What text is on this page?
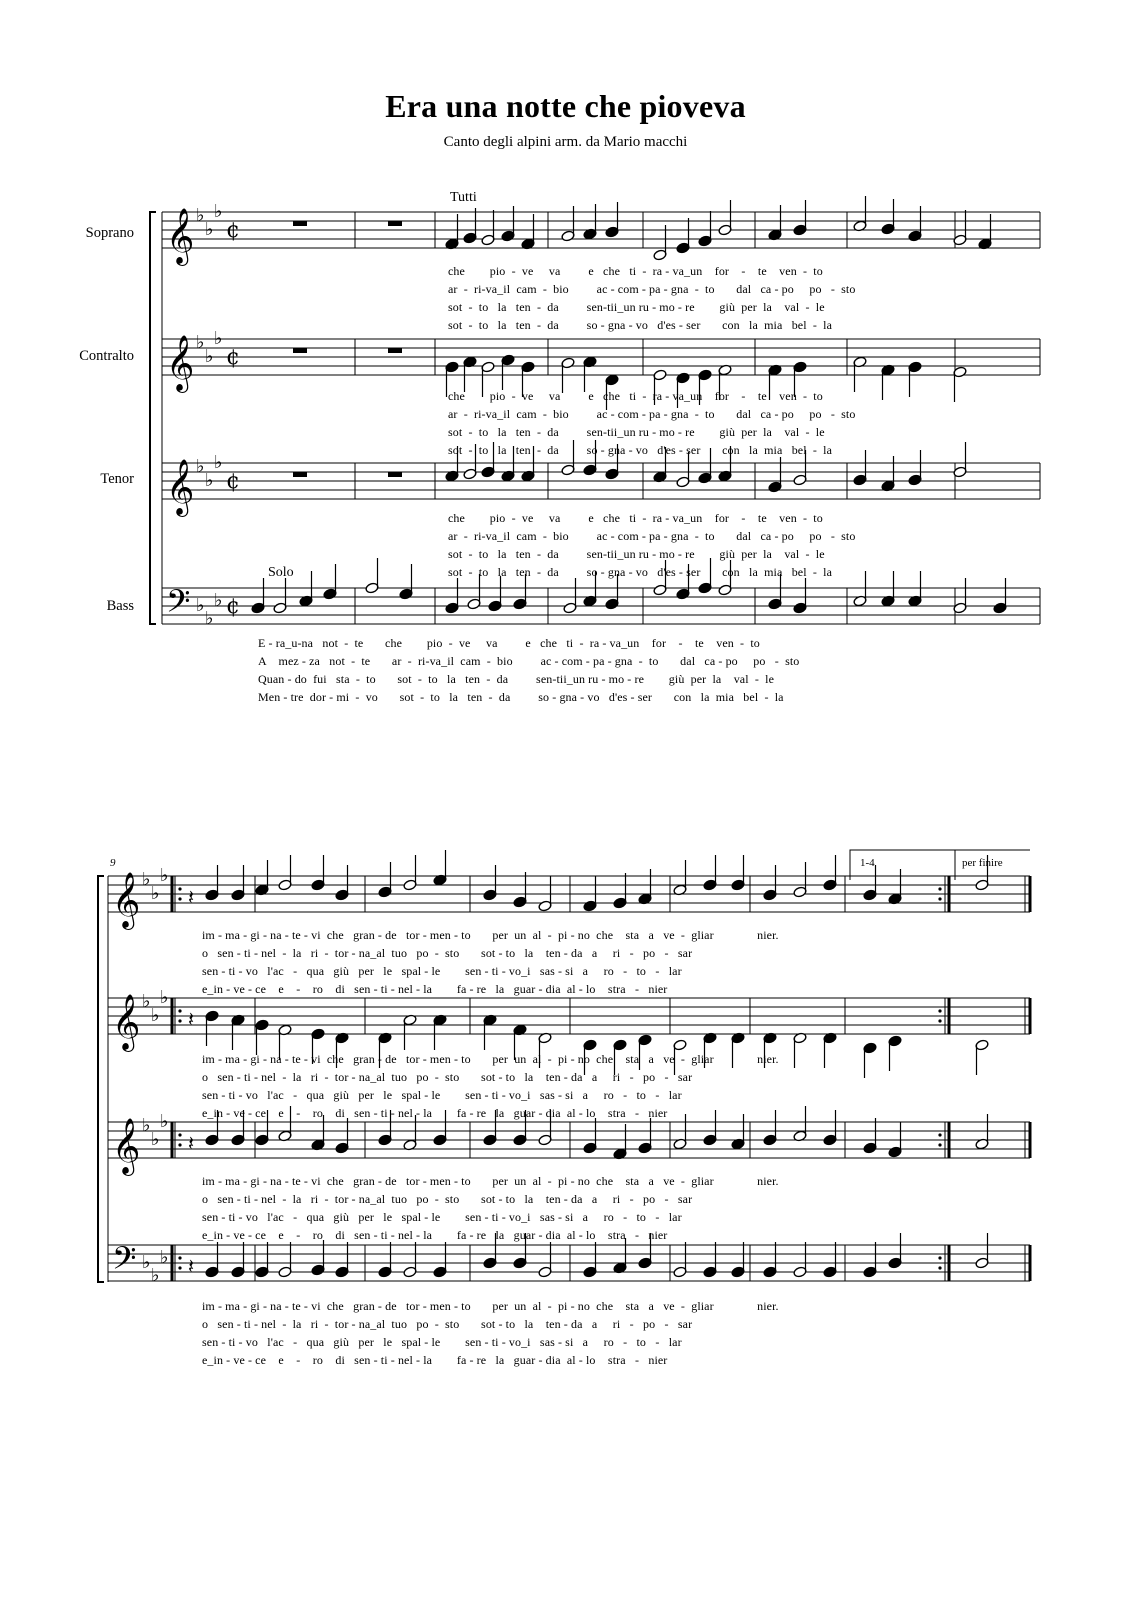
Era una notte che pioveva
Canto degli alpini arm. da Mario macchi
Soprano
Contralto
Tenor
Bass
Tutti
Solo
9	1-4	per finire
che        pio  -  ve     va         e   che   ti  -  ra - va_un    for    -    te    ven  -  to
ar  -  ri-va_il  cam  -  bio         ac - com - pa - gna  -  to       dal   ca - po     po   -  sto
sot  -  to   la   ten  -  da         sen-tii_un ru - mo - re        giù  per  la    val  -  le
sot  -  to   la   ten  -  da         so - gna - vo   d'es - ser       con   la  mia   bel  -  la
che        pio  -  ve     va         e   che   ti  -  ra - va_un    for    -    te    ven  -  to
ar  -  ri-va_il  cam  -  bio         ac - com - pa - gna  -  to       dal   ca - po     po   -  sto
sot  -  to   la   ten  -  da         sen-tii_un ru - mo - re        giù  per  la    val  -  le
sot  -  to   la   ten  -  da         so - gna - vo   d'es - ser       con   la  mia   bel  -  la
che        pio  -  ve     va         e   che   ti  -  ra - va_un    for    -    te    ven  -  to
ar  -  ri-va_il  cam  -  bio         ac - com - pa - gna  -  to       dal   ca - po     po   -  sto
sot  -  to   la   ten  -  da         sen-tii_un ru - mo - re        giù  per  la    val  -  le
sot  -  to   la   ten  -  da         so - gna - vo   d'es - ser       con   la  mia   bel  -  la
E - ra_u-na   not  -  te       che        pio  -  ve     va         e   che   ti  -  ra - va_un    for    -    te    ven  -  to
A    mez - za   not  -  te       ar  -  ri-va_il  cam  -  bio         ac - com - pa - gna  -  to       dal   ca - po     po   -  sto
Quan - do  fui   sta  -  to       sot  -  to   la   ten  -  da         sen-tii_un ru - mo - re        giù  per  la    val  -  le
Men - tre  dor - mi  -  vo       sot  -  to   la   ten  -  da         so - gna - vo   d'es - ser       con   la  mia   bel  -  la
im - ma - gi - na - te - vi  che   gran - de   tor - men - to       per  un  al  -  pi - no  che    sta   a   ve  -  gliar              nier.
o   sen - ti - nel  -  la   ri  -  tor - na_al  tuo   po  -  sto       sot - to   la    ten - da   a     ri   -   po   -   sar
sen - ti - vo   l'ac   -   qua   giù   per   le   spal - le        sen - ti - vo_i   sas - si   a     ro   -   to   -   lar
e_in - ve - ce    e    -    ro    di   sen - ti - nel - la        fa - re   la   guar - dia  al - lo    stra   -   nier
im - ma - gi - na - te - vi  che   gran - de   tor - men - to       per  un  al  -  pi - no  che    sta   a   ve  -  gliar              nier.
o   sen - ti - nel  -  la   ri  -  tor - na_al  tuo   po  -  sto       sot - to   la    ten - da   a     ri   -   po   -   sar
sen - ti - vo   l'ac   -   qua   giù   per   le   spal - le        sen - ti - vo_i   sas - si   a     ro   -   to   -   lar
e_in - ve - ce    e    -    ro    di   sen - ti - nel - la        fa - re   la   guar - dia  al - lo    stra   -   nier
im - ma - gi - na - te - vi  che   gran - de   tor - men - to       per  un  al  -  pi - no  che    sta   a   ve  -  gliar              nier.
o   sen - ti - nel  -  la   ri  -  tor - na_al  tuo   po  -  sto       sot - to   la    ten - da   a     ri   -   po   -   sar
sen - ti - vo   l'ac   -   qua   giù   per   le   spal - le        sen - ti - vo_i   sas - si   a     ro   -   to   -   lar
e_in - ve - ce    e    -    ro    di   sen - ti - nel - la        fa - re   la   guar - dia  al - lo    stra   -   nier
im - ma - gi - na - te - vi  che   gran - de   tor - men - to       per  un  al  -  pi - no  che    sta   a   ve  -  gliar              nier.
o   sen - ti - nel  -  la   ri  -  tor - na_al  tuo   po  -  sto       sot - to   la    ten - da   a     ri   -   po   -   sar
sen - ti - vo   l'ac   -   qua   giù   per   le   spal - le        sen - ti - vo_i   sas - si   a     ro   -   to   -   lar
e_in - ve - ce    e    -    ro    di   sen - ti - nel - la        fa - re   la   guar - dia  al - lo    stra   -   nier
𝄞 ♭
♭
♭
¢
𝄞 ♭
♭
♭
¢
𝄞 ♭
♭
♭
¢
𝄢 ♭
♭
♭ ¢
𝄞 ♭
♭
♭
𝄽
𝄞 ♭
♭
♭
𝄽
𝄞 ♭
♭
♭
𝄽
𝄢 ♭
♭
♭ 𝄽
